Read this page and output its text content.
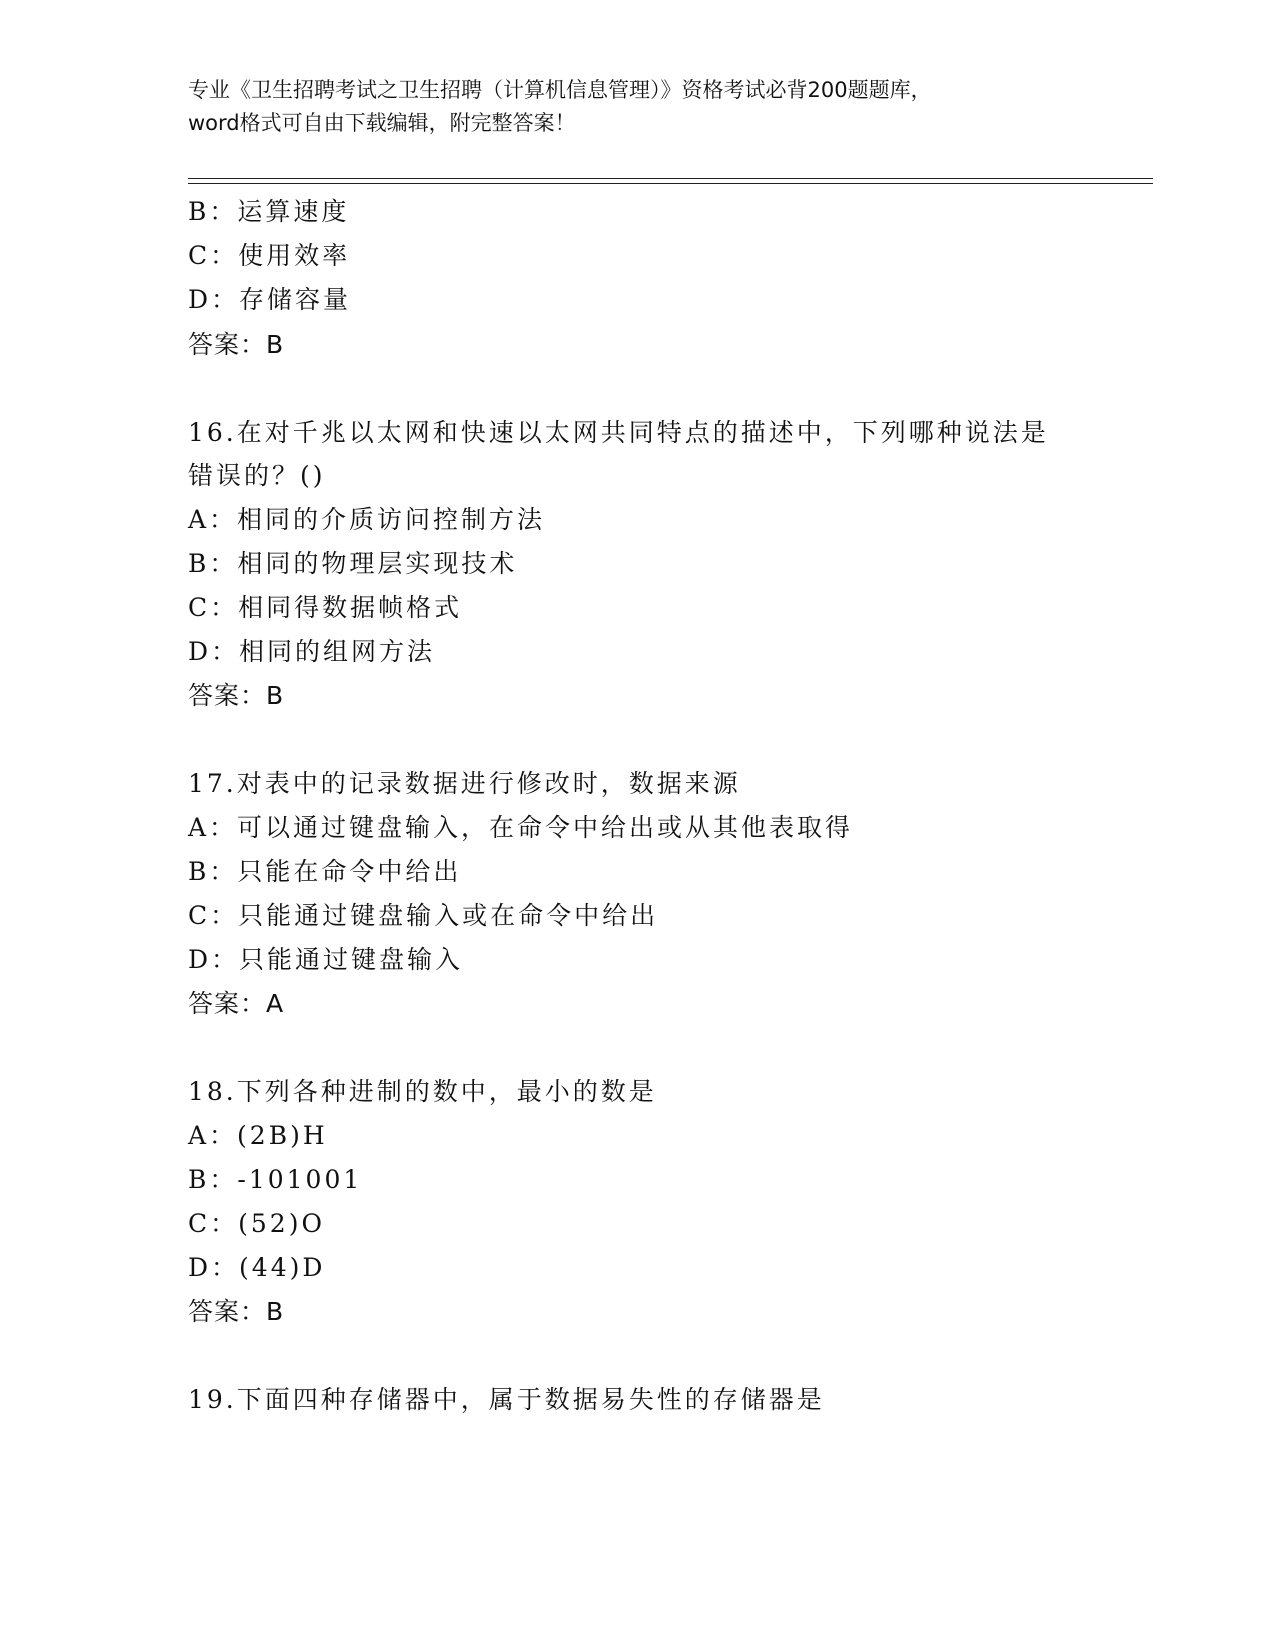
专业《卫生招聘考试之卫生招聘（计算机信息管理）》资格考试必背200题题库，
word格式可自由下载编辑，附完整答案！
B：运算速度
C：使用效率
D：存储容量
答案：B
16.在对千兆以太网和快速以太网共同特点的描述中，下列哪种说法是
错误的？()
A：相同的介质访问控制方法
B：相同的物理层实现技术
C：相同得数据帧格式
D：相同的组网方法
答案：B
17.对表中的记录数据进行修改时，数据来源
A：可以通过键盘输入，在命令中给出或从其他表取得
B：只能在命令中给出
C：只能通过键盘输入或在命令中给出
D：只能通过键盘输入
答案：A
18.下列各种进制的数中，最小的数是
A：(2B)H
B：-101001
C：(52)O
D：(44)D
答案：B
19.下面四种存储器中，属于数据易失性的存储器是
